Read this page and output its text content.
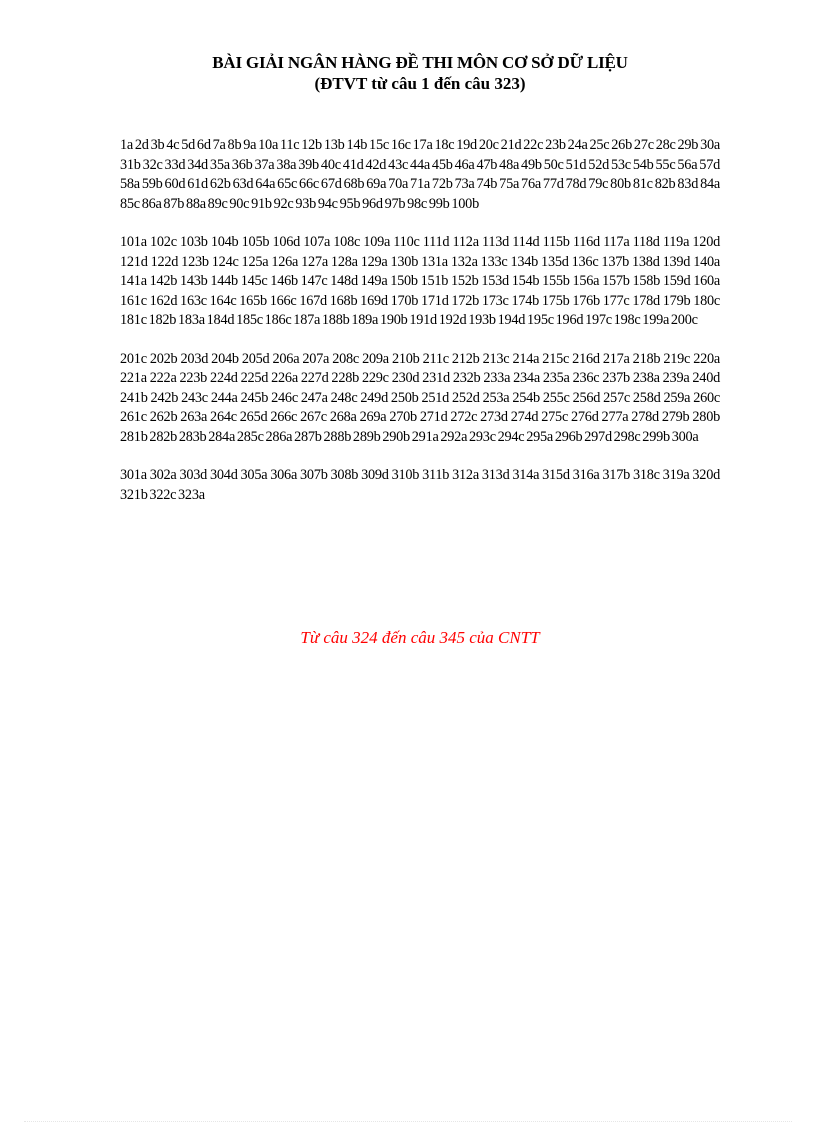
BÀI GIẢI NGÂN HÀNG ĐỀ THI MÔN CƠ SỞ DỮ LIỆU
(ĐTVT từ câu 1 đến câu 323)

1a 2d 3b 4c 5d 6d 7a 8b 9a 10a 11c 12b 13b 14b 15c 16c 17a 18c 19d 20c 21d 22c 23b 24a 25c 26b 27c 28c 29b 30a 31b 32c 33d 34d 35a 36b 37a 38a 39b 40c 41d 42d 43c 44a 45b 46a 47b 48a 49b 50c 51d 52d 53c 54b 55c 56a 57d 58a 59b 60d 61d 62b 63d 64a 65c 66c 67d 68b 69a 70a 71a 72b 73a 74b 75a 76a 77d 78d 79c 80b 81c 82b 83d 84a 85c 86a 87b 88a 89c 90c 91b 92c 93b 94c 95b 96d 97b 98c 99b 100b

101a 102c 103b 104b 105b 106d 107a 108c 109a 110c 111d 112a 113d 114d 115b 116d 117a 118d 119a 120d 121d 122d 123b 124c 125a 126a 127a 128a 129a 130b 131a 132a 133c 134b 135d 136c 137b 138d 139d 140a 141a 142b 143b 144b 145c 146b 147c 148d 149a 150b 151b 152b 153d 154b 155b 156a 157b 158b 159d 160a 161c 162d 163c 164c 165b 166c 167d 168b 169d 170b 171d 172b 173c 174b 175b 176b 177c 178d 179b 180c 181c 182b 183a 184d 185c 186c 187a 188b 189a 190b 191d 192d 193b 194d 195c 196d 197c 198c 199a 200c

201c 202b 203d 204b 205d 206a 207a 208c 209a 210b 211c 212b 213c 214a 215c 216d 217a 218b 219c 220a 221a 222a 223b 224d 225d 226a 227d 228b 229c 230d 231d 232b 233a 234a 235a 236c 237b 238a 239a 240d 241b 242b 243c 244a 245b 246c 247a 248c 249d 250b 251d 252d 253a 254b 255c 256d 257c 258d 259a 260c 261c 262b 263a 264c 265d 266c 267c 268a 269a 270b 271d 272c 273d 274d 275c 276d 277a 278d 279b 280b 281b 282b 283b 284a 285c 286a 287b 288b 289b 290b 291a 292a 293c 294c 295a 296b 297d 298c 299b 300a

301a 302a 303d 304d 305a 306a 307b 308b 309d 310b 311b 312a 313d 314a 315d 316a 317b 318c 319a 320d 321b 322c 323a

Từ câu 324 đến câu 345 của CNTT
